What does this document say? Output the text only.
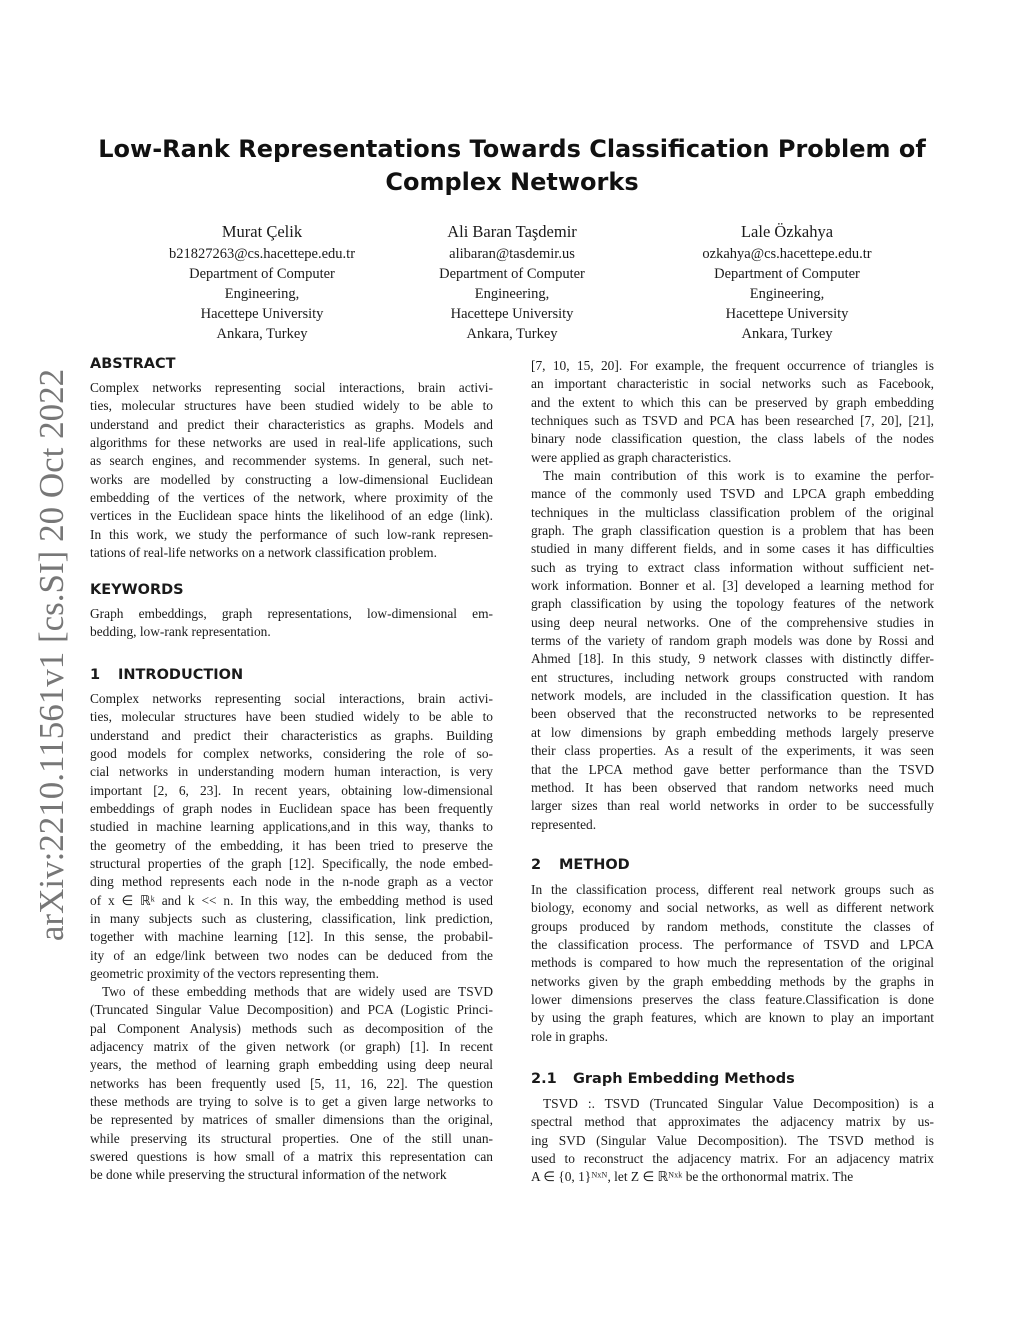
arXiv:2210.11561v1 [cs.SI] 20 Oct 2022
Low-Rank Representations Towards Classification Problem of
Complex Networks
Murat Çelik
b21827263@cs.hacettepe.edu.tr
Department of Computer
Engineering,
Hacettepe University
Ankara, Turkey
Ali Baran Taşdemir
alibaran@tasdemir.us
Department of Computer
Engineering,
Hacettepe University
Ankara, Turkey
Lale Özkahya
ozkahya@cs.hacettepe.edu.tr
Department of Computer
Engineering,
Hacettepe University
Ankara, Turkey
ABSTRACT
Complex networks representing social interactions, brain activi-
ties, molecular structures have been studied widely to be able to
understand and predict their characteristics as graphs. Models and
algorithms for these networks are used in real-life applications, such
as search engines, and recommender systems. In general, such net-
works are modelled by constructing a low-dimensional Euclidean
embedding of the vertices of the network, where proximity of the
vertices in the Euclidean space hints the likelihood of an edge (link).
In this work, we study the performance of such low-rank represen-
tations of real-life networks on a network classification problem.
KEYWORDS
Graph embeddings, graph representations, low-dimensional em-
bedding, low-rank representation.
1 INTRODUCTION
Complex networks representing social interactions, brain activi-
ties, molecular structures have been studied widely to be able to
understand and predict their characteristics as graphs. Building
good models for complex networks, considering the role of so-
cial networks in understanding modern human interaction, is very
important [2, 6, 23]. In recent years, obtaining low-dimensional
embeddings of graph nodes in Euclidean space has been frequently
studied in machine learning applications,and in this way, thanks to
the geometry of the embedding, it has been tried to preserve the
structural properties of the graph [12]. Specifically, the node embed-
ding method represents each node in the n-node graph as a vector
of x ∈ ℝᵏ and k << n. In this way, the embedding method is used
in many subjects such as clustering, classification, link prediction,
together with machine learning [12]. In this sense, the probabil-
ity of an edge/link between two nodes can be deduced from the
geometric proximity of the vectors representing them.
Two of these embedding methods that are widely used are TSVD
(Truncated Singular Value Decomposition) and PCA (Logistic Princi-
pal Component Analysis) methods such as decomposition of the
adjacency matrix of the given network (or graph) [1]. In recent
years, the method of learning graph embedding using deep neural
networks has been frequently used [5, 11, 16, 22]. The question
these methods are trying to solve is to get a given large networks to
be represented by matrices of smaller dimensions than the original,
while preserving its structural properties. One of the still unan-
swered questions is how small of a matrix this representation can
be done while preserving the structural information of the network
[7, 10, 15, 20]. For example, the frequent occurrence of triangles is
an important characteristic in social networks such as Facebook,
and the extent to which this can be preserved by graph embedding
techniques such as TSVD and PCA has been researched [7, 20], [21],
binary node classification question, the class labels of the nodes
were applied as graph characteristics.
The main contribution of this work is to examine the perfor-
mance of the commonly used TSVD and LPCA graph embedding
techniques in the multiclass classification problem of the original
graph. The graph classification question is a problem that has been
studied in many different fields, and in some cases it has difficulties
such as trying to extract class information without sufficient net-
work information. Bonner et al. [3] developed a learning method for
graph classification by using the topology features of the network
using deep neural networks. One of the comprehensive studies in
terms of the variety of random graph models was done by Rossi and
Ahmed [18]. In this study, 9 network classes with distinctly differ-
ent structures, including network groups constructed with random
network models, are included in the classification question. It has
been observed that the reconstructed networks to be represented
at low dimensions by graph embedding methods largely preserve
their class properties. As a result of the experiments, it was seen
that the LPCA method gave better performance than the TSVD
method. It has been observed that random networks need much
larger sizes than real world networks in order to be successfully
represented.
2 METHOD
In the classification process, different real network groups such as
biology, economy and social networks, as well as different network
groups produced by random methods, constitute the classes of
the classification process. The performance of TSVD and LPCA
methods is compared to how much the representation of the original
networks given by the graph embedding methods by the graphs in
lower dimensions preserves the class feature.Classification is done
by using the graph features, which are known to play an important
role in graphs.
2.1 Graph Embedding Methods
TSVD :. TSVD (Truncated Singular Value Decomposition) is a
spectral method that approximates the adjacency matrix by us-
ing SVD (Singular Value Decomposition). The TSVD method is
used to reconstruct the adjacency matrix. For an adjacency matrix
A ∈ {0, 1}ᴺˣᴺ, let Z ∈ ℝᴺˣᵏ be the orthonormal matrix. The
